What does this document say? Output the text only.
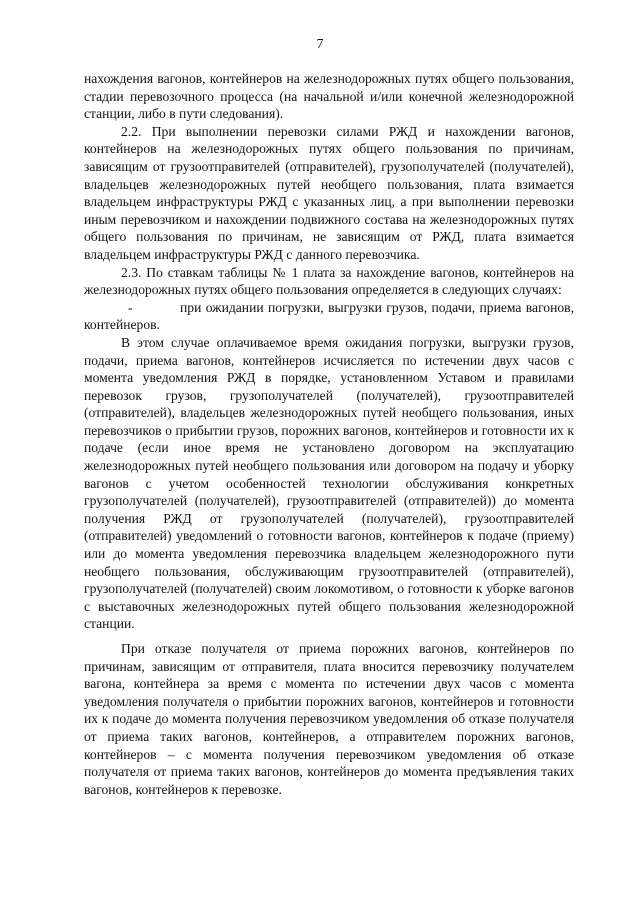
7

нахождения вагонов, контейнеров на железнодорожных путях общего пользования, стадии перевозочного процесса (на начальной и/или конечной железнодорожной станции, либо в пути следования).

2.2. При выполнении перевозки силами РЖД и нахождении вагонов, контейнеров на железнодорожных путях общего пользования по причинам, зависящим от грузоотправителей (отправителей), грузополучателей (получателей), владельцев железнодорожных путей необщего пользования, плата взимается владельцем инфраструктуры РЖД с указанных лиц, а при выполнении перевозки иным перевозчиком и нахождении подвижного состава на железнодорожных путях общего пользования по причинам, не зависящим от РЖД, плата взимается владельцем инфраструктуры РЖД с данного перевозчика.

2.3. По ставкам таблицы № 1 плата за нахождение вагонов, контейнеров на железнодорожных путях общего пользования определяется в следующих случаях:

-	при ожидании погрузки, выгрузки грузов, подачи, приема вагонов, контейнеров.

В этом случае оплачиваемое время ожидания погрузки, выгрузки грузов, подачи, приема вагонов, контейнеров исчисляется по истечении двух часов с момента уведомления РЖД в порядке, установленном Уставом и правилами перевозок грузов, грузополучателей (получателей), грузоотправителей (отправителей), владельцев железнодорожных путей необщего пользования, иных перевозчиков о прибытии грузов, порожних вагонов, контейнеров и готовности их к подаче (если иное время не установлено договором на эксплуатацию железнодорожных путей необщего пользования или договором на подачу и уборку вагонов с учетом особенностей технологии обслуживания конкретных грузополучателей (получателей), грузоотправителей (отправителей)) до момента получения РЖД от грузополучателей (получателей), грузоотправителей (отправителей) уведомлений о готовности вагонов, контейнеров к подаче (приему) или до момента уведомления перевозчика владельцем железнодорожного пути необщего пользования, обслуживающим грузоотправителей (отправителей), грузополучателей (получателей) своим локомотивом, о готовности к уборке вагонов с выставочных железнодорожных путей общего пользования железнодорожной станции.

При отказе получателя от приема порожних вагонов, контейнеров по причинам, зависящим от отправителя, плата вносится перевозчику получателем вагона, контейнера за время с момента по истечении двух часов с момента уведомления получателя о прибытии порожних вагонов, контейнеров и готовности их к подаче до момента получения перевозчиком уведомления об отказе получателя от приема таких вагонов, контейнеров, а отправителем порожних вагонов, контейнеров – с момента получения перевозчиком уведомления об отказе получателя от приема таких вагонов, контейнеров до момента предъявления таких вагонов, контейнеров к перевозке.
